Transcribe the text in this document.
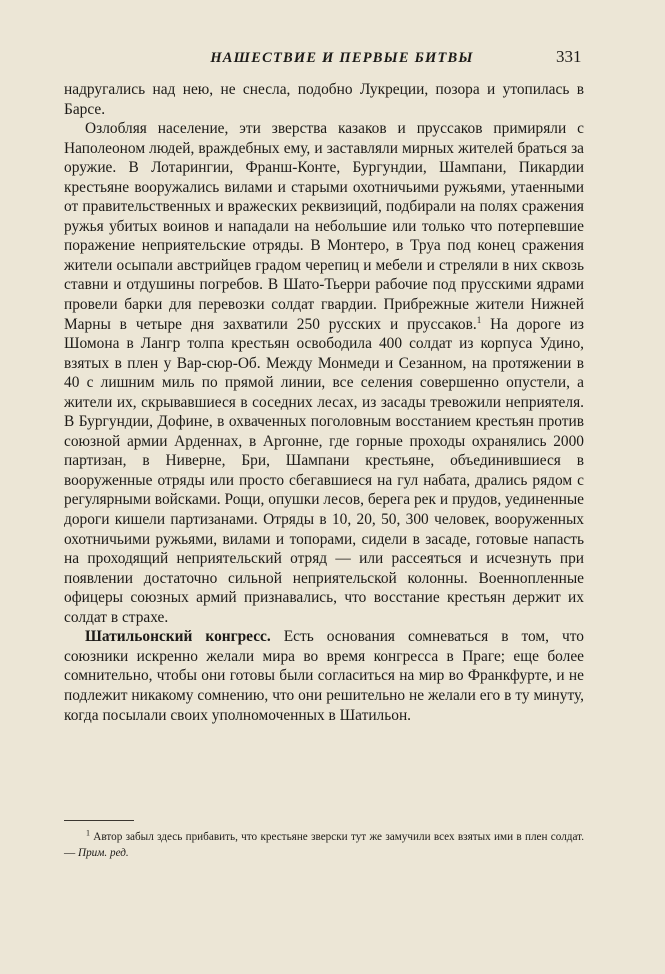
НАШЕСТВИЕ И ПЕРВЫЕ БИТВЫ	331

надругались над нею, не снесла, подобно Лукреции, позора и утопилась в Барсе.

Озлобляя население, эти зверства казаков и пруссаков примиряли с Наполеоном людей, враждебных ему, и заставляли мирных жителей браться за оружие. В Лотарингии, Франш-Конте, Бургундии, Шампани, Пикардии крестьяне вооружались вилами и старыми охотничьими ружьями, утаенными от правительственных и вражеских реквизиций, подбирали на полях сражения ружья убитых воинов и нападали на небольшие или только что потерпевшие поражение неприятельские отряды. В Монтеро, в Труа под конец сражения жители осыпали австрийцев градом черепиц и мебели и стреляли в них сквозь ставни и отдушины погребов. В Шато-Тьерри рабочие под прусскими ядрами провели барки для перевозки солдат гвардии. Прибрежные жители Нижней Марны в четыре дня захватили 250 русских и пруссаков.$^1$ На дороге из Шомона в Лангр толпа крестьян освободила 400 солдат из корпуса Удино, взятых в плен у Вар-сюр-Об. Между Монмеди и Сезанном, на протяжении в 40 с лишним миль по прямой линии, все селения совершенно опустели, а жители их, скрывавшиеся в соседних лесах, из засады тревожили неприятеля. В Бургундии, Дофине, в охваченных поголовным восстанием крестьян против союзной армии Арденнах, в Аргонне, где горные проходы охранялись 2000 партизан, в Ниверне, Бри, Шампани крестьяне, объединившиеся в вооруженные отряды или просто сбегавшиеся на гул набата, дрались рядом с регулярными войсками. Рощи, опушки лесов, берега рек и прудов, уединенные дороги кишели партизанами. Отряды в 10, 20, 50, 300 человек, вооруженных охотничьими ружьями, вилами и топорами, сидели в засаде, готовые напасть на проходящий неприятельский отряд — или рассеяться и исчезнуть при появлении достаточно сильной неприятельской колонны. Военнопленные офицеры союзных армий признавались, что восстание крестьян держит их солдат в страхе.

Шатильонский конгресс. Есть основания сомневаться в том, что союзники искренно желали мира во время конгресса в Праге; еще более сомнительно, чтобы они готовы были согласиться на мир во Франкфурте, и не подлежит никакому сомнению, что они решительно не желали его в ту минуту, когда посылали своих уполномоченных в Шатильон.

$^1$ Автор забыл здесь прибавить, что крестьяне зверски тут же замучили всех взятых ими в плен солдат. — Прим. ред.
